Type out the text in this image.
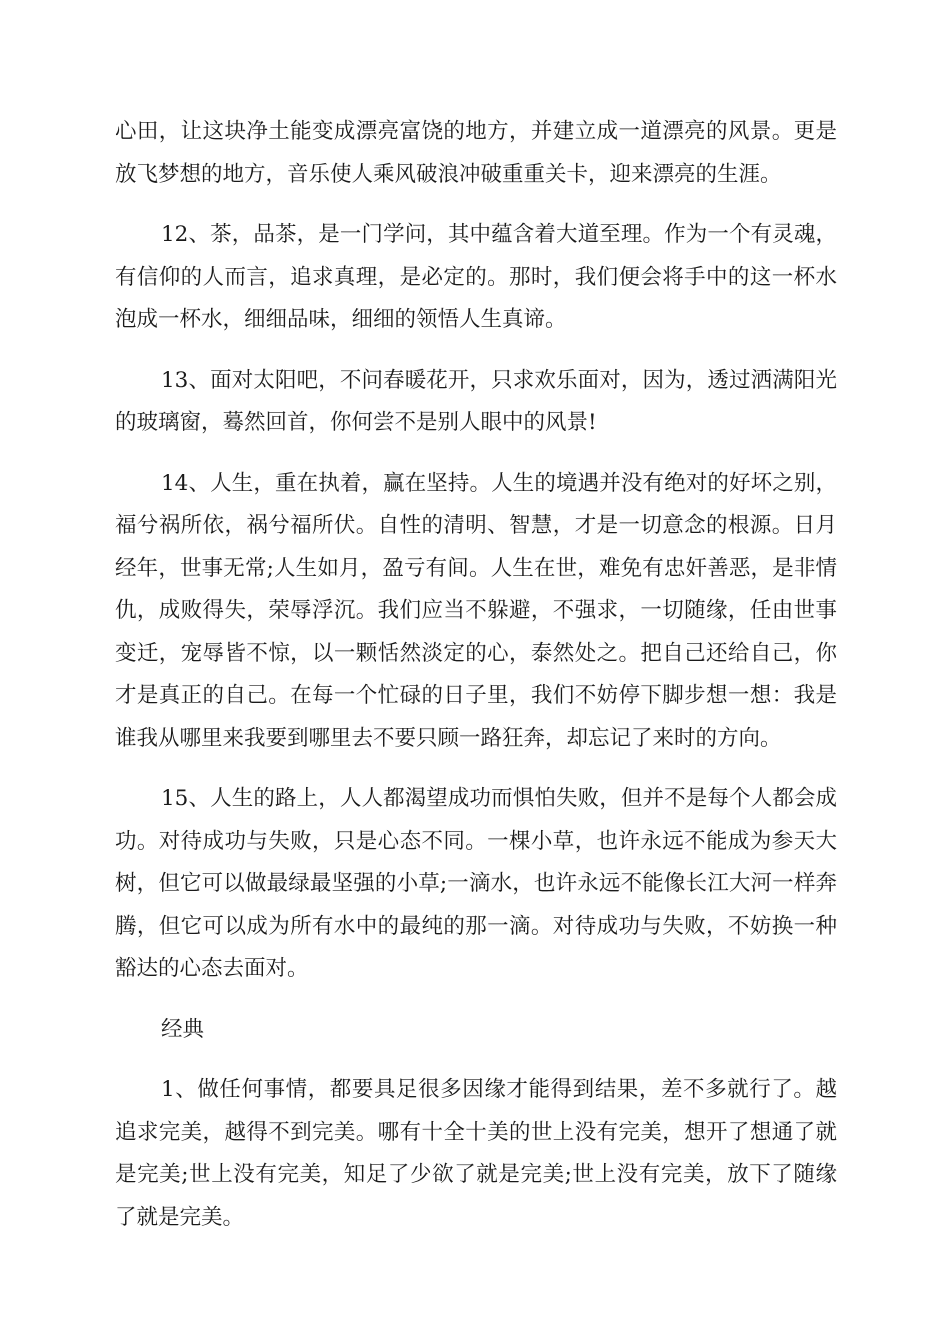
心田，让这块净土能变成漂亮富饶的地方，并建立成一道漂亮的风景。更是放飞梦想的地方，音乐使人乘风破浪冲破重重关卡，迎来漂亮的生涯。

12、茶，品茶，是一门学问，其中蕴含着大道至理。作为一个有灵魂，有信仰的人而言，追求真理，是必定的。那时，我们便会将手中的这一杯水泡成一杯水，细细品味，细细的领悟人生真谛。

13、面对太阳吧，不问春暖花开，只求欢乐面对，因为，透过洒满阳光的玻璃窗，蓦然回首，你何尝不是别人眼中的风景!

14、人生，重在执着，赢在坚持。人生的境遇并没有绝对的好坏之别，福兮祸所依，祸兮福所伏。自性的清明、智慧，才是一切意念的根源。日月经年，世事无常;人生如月，盈亏有间。人生在世，难免有忠奸善恶，是非情仇，成败得失，荣辱浮沉。我们应当不躲避，不强求，一切随缘，任由世事变迁，宠辱皆不惊，以一颗恬然淡定的心，泰然处之。把自己还给自己，你才是真正的自己。在每一个忙碌的日子里，我们不妨停下脚步想一想：我是谁我从哪里来我要到哪里去不要只顾一路狂奔，却忘记了来时的方向。

15、人生的路上，人人都渴望成功而惧怕失败，但并不是每个人都会成功。对待成功与失败，只是心态不同。一棵小草，也许永远不能成为参天大树，但它可以做最绿最坚强的小草;一滴水，也许永远不能像长江大河一样奔腾，但它可以成为所有水中的最纯的那一滴。对待成功与失败，不妨换一种豁达的心态去面对。

经典

1、做任何事情，都要具足很多因缘才能得到结果，差不多就行了。越追求完美，越得不到完美。哪有十全十美的世上没有完美，想开了想通了就是完美;世上没有完美，知足了少欲了就是完美;世上没有完美，放下了随缘了就是完美。
